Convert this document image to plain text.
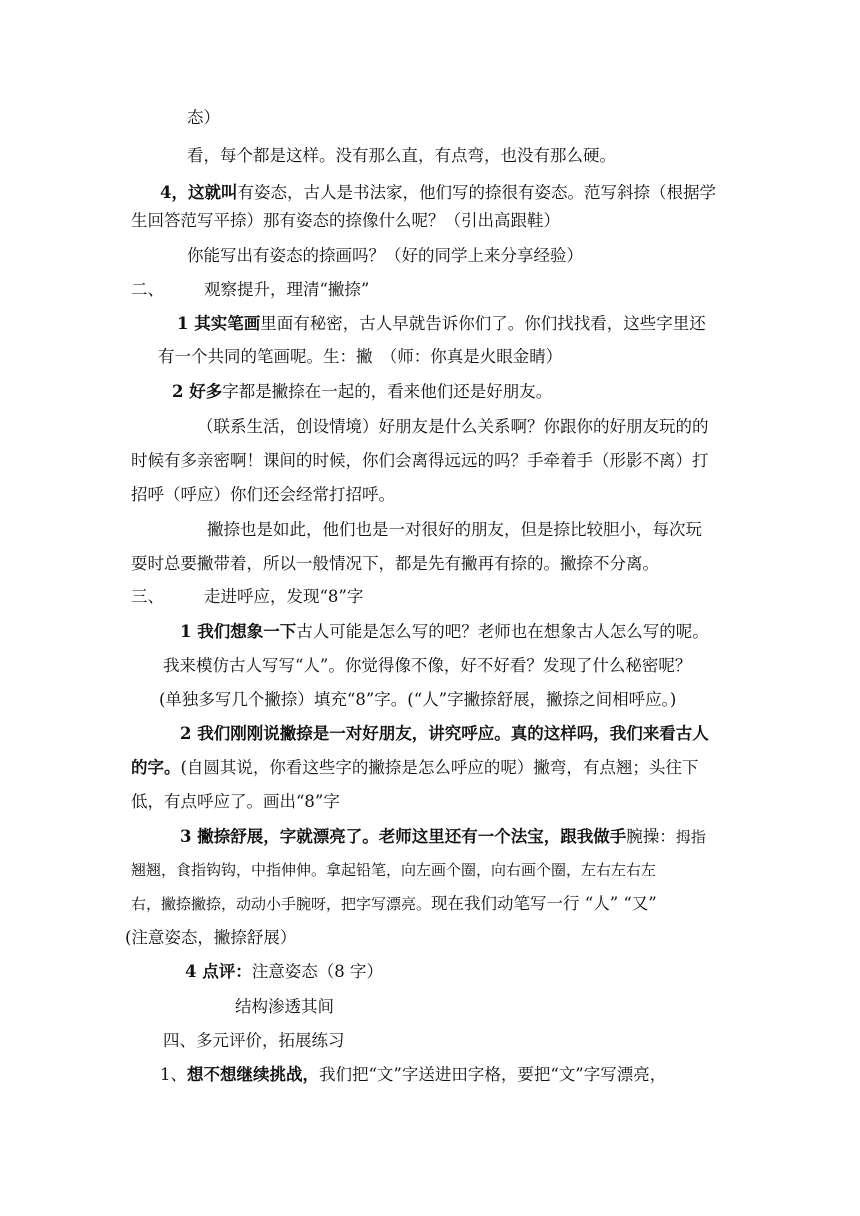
态）
看，每个都是这样。没有那么直，有点弯，也没有那么硬。
4，这就叫有姿态，古人是书法家，他们写的捺很有姿态。范写斜捺（根据学
生回答范写平捺）那有姿态的捺像什么呢？（引出高跟鞋）
你能写出有姿态的捺画吗？（好的同学上来分享经验）
二、 观察提升，理清“撇捺”
1 其实笔画里面有秘密，古人早就告诉你们了。你们找找看，这些字里还
有一个共同的笔画呢。生：撇　（师：你真是火眼金睛）
2 好多字都是撇捺在一起的，看来他们还是好朋友。
（联系生活，创设情境）好朋友是什么关系啊？你跟你的好朋友玩的的
时候有多亲密啊！课间的时候，你们会离得远远的吗？手牵着手（形影不离）打
招呼（呼应）你们还会经常打招呼。
撇捺也是如此，他们也是一对很好的朋友，但是捺比较胆小，每次玩
耍时总要撇带着，所以一般情况下，都是先有撇再有捺的。撇捺不分离。
三、 走进呼应，发现“8”字
1 我们想象一下古人可能是怎么写的吧？老师也在想象古人怎么写的呢。
我来模仿古人写写“人”。你觉得像不像，好不好看？发现了什么秘密呢？
(单独多写几个撇捺）填充“8”字。(“人”字撇捺舒展，撇捺之间相呼应。)
2 我们刚刚说撇捺是一对好朋友，讲究呼应。真的这样吗，我们来看古人
的字。(自圆其说，你看这些字的撇捺是怎么呼应的呢）撇弯，有点翘；头往下
低，有点呼应了。画出“8”字
3 撇捺舒展，字就漂亮了。老师这里还有一个法宝，跟我做手腕操：拇指
翘翘，食指钩钩，中指伸伸。拿起铅笔，向左画个圈，向右画个圈，左右左右左
右，撇捺撇捺，动动小手腕呀，把字写漂亮。现在我们动笔写一行 “人” “又”
(注意姿态，撇捺舒展）
4 点评：注意姿态（8 字）
结构渗透其间
四、多元评价，拓展练习
1、想不想继续挑战，我们把“文”字送进田字格，要把“文”字写漂亮，
